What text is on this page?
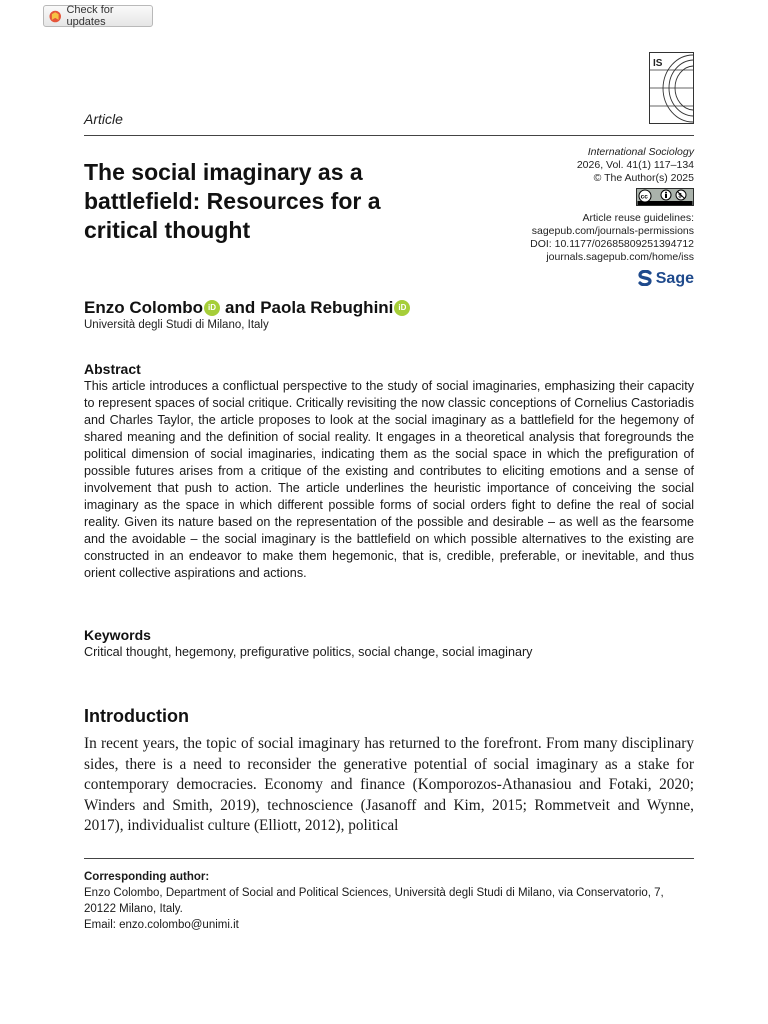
Check for updates
IS
Article
The social imaginary as a battlefield: Resources for a critical thought
International Sociology
2026, Vol. 41(1) 117–134
© The Author(s) 2025
cc	$
Article reuse guidelines:
sagepub.com/journals-permissions
DOI: 10.1177/02685809251394712
journals.sagepub.com/home/iss
Sage
Enzo Colombo iD and Paola Rebughini iD
Università degli Studi di Milano, Italy
Abstract

This article introduces a conflictual perspective to the study of social imaginaries, emphasizing their capacity to represent spaces of social critique. Critically revisiting the now classic conceptions of Cornelius Castoriadis and Charles Taylor, the article proposes to look at the social imaginary as a battlefield for the hegemony of shared meaning and the definition of social reality. It engages in a theoretical analysis that foregrounds the political dimension of social imaginaries, indicating them as the social space in which the prefiguration of possible futures arises from a critique of the existing and contributes to eliciting emotions and a sense of involvement that push to action. The article underlines the heuristic importance of conceiving the social imaginary as the space in which different possible forms of social orders fight to define the real of social reality. Given its nature based on the representation of the possible and desirable – as well as the fearsome and the avoidable – the social imaginary is the battlefield on which possible alternatives to the existing are constructed in an endeavor to make them hegemonic, that is, credible, preferable, or inevitable, and thus orient collective aspirations and actions.

Keywords
Critical thought, hegemony, prefigurative politics, social change, social imaginary
Introduction

In recent years, the topic of social imaginary has returned to the forefront. From many disciplinary sides, there is a need to reconsider the generative potential of social imaginary as a stake for contemporary democracies. Economy and finance (Komporozos-Athanasiou and Fotaki, 2020; Winders and Smith, 2019), technoscience (Jasanoff and Kim, 2015; Rommetveit and Wynne, 2017), individualist culture (Elliott, 2012), political

Corresponding author:
Enzo Colombo, Department of Social and Political Sciences, Università degli Studi di Milano, via Conservatorio, 7, 20122 Milano, Italy.
Email: enzo.colombo@unimi.it
